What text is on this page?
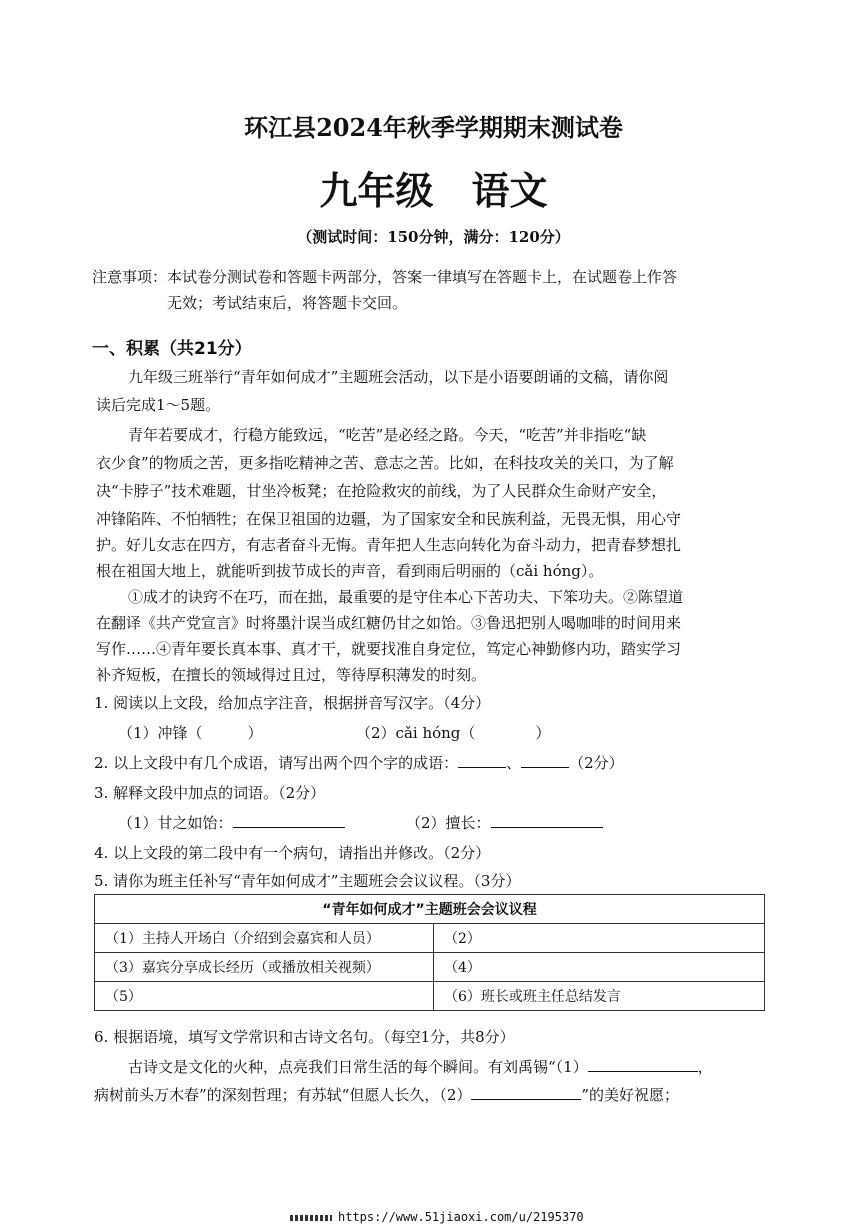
环江县2024年秋季学期期末测试卷
九年级　语文
（测试时间：150分钟，满分：120分）
注意事项：本试卷分测试卷和答题卡两部分，答案一律填写在答题卡上，在试题卷上作答
无效；考试结束后，将答题卡交回。
一、积累（共21分）
九年级三班举行“青年如何成才”主题班会活动，以下是小语要朗诵的文稿，请你阅
读后完成1～5题。
青年若要成才，行稳方能致远，“吃苦”是必经之路。今天，“吃苦”并非指吃“缺
衣少食”的物质之苦，更多指吃精神之苦、意志之苦。比如，在科技攻关的关口，为了解
决“卡脖子”技术难题，甘坐冷板凳；在抢险救灾的前线，为了人民群众生命财产安全，
冲锋陷阵、不怕牺牲；在保卫祖国的边疆，为了国家安全和民族利益，无畏无惧，用心守
护。好儿女志在四方，有志者奋斗无悔。青年把人生志向转化为奋斗动力，把青春梦想扎
根在祖国大地上，就能听到拔节成长的声音，看到雨后明丽的（cǎi hóng）。
①成才的诀窍不在巧，而在拙，最重要的是守住本心下苦功夫、下笨功夫。②陈望道
在翻译《共产党宣言》时将墨汁误当成红糖仍甘之如饴。③鲁迅把别人喝咖啡的时间用来
写作……④青年要长真本事、真才干，就要找准自身定位，笃定心神勤修内功，踏实学习
补齐短板，在擅长的领域得过且过，等待厚积薄发的时刻。
1. 阅读以上文段，给加点字注音，根据拼音写汉字。（4分）
（1）冲锋（　　　）	（2）cǎi hóng（　　　　）
2. 以上文段中有几个成语，请写出两个四个字的成语：	、	（2分）
3. 解释文段中加点的词语。（2分）
（1）甘之如饴：	（2）擅长：
4. 以上文段的第二段中有一个病句，请指出并修改。（2分）
5. 请你为班主任补写“青年如何成才”主题班会会议议程。（3分）
“青年如何成才”主题班会会议议程	
（1）主持人开场白（介绍到会嘉宾和人员）	（2）
（3）嘉宾分享成长经历（或播放相关视频）	（4）
（5）	（6）班长或班主任总结发言
6. 根据语境，填写文学常识和古诗文名句。（每空1分，共8分）
古诗文是文化的火种，点亮我们日常生活的每个瞬间。有刘禹锡“（1）	，
病树前头万木春”的深刻哲理；有苏轼“但愿人长久，（2）	”的美好祝愿；
https://www.51jiaoxi.com/u/2195370
